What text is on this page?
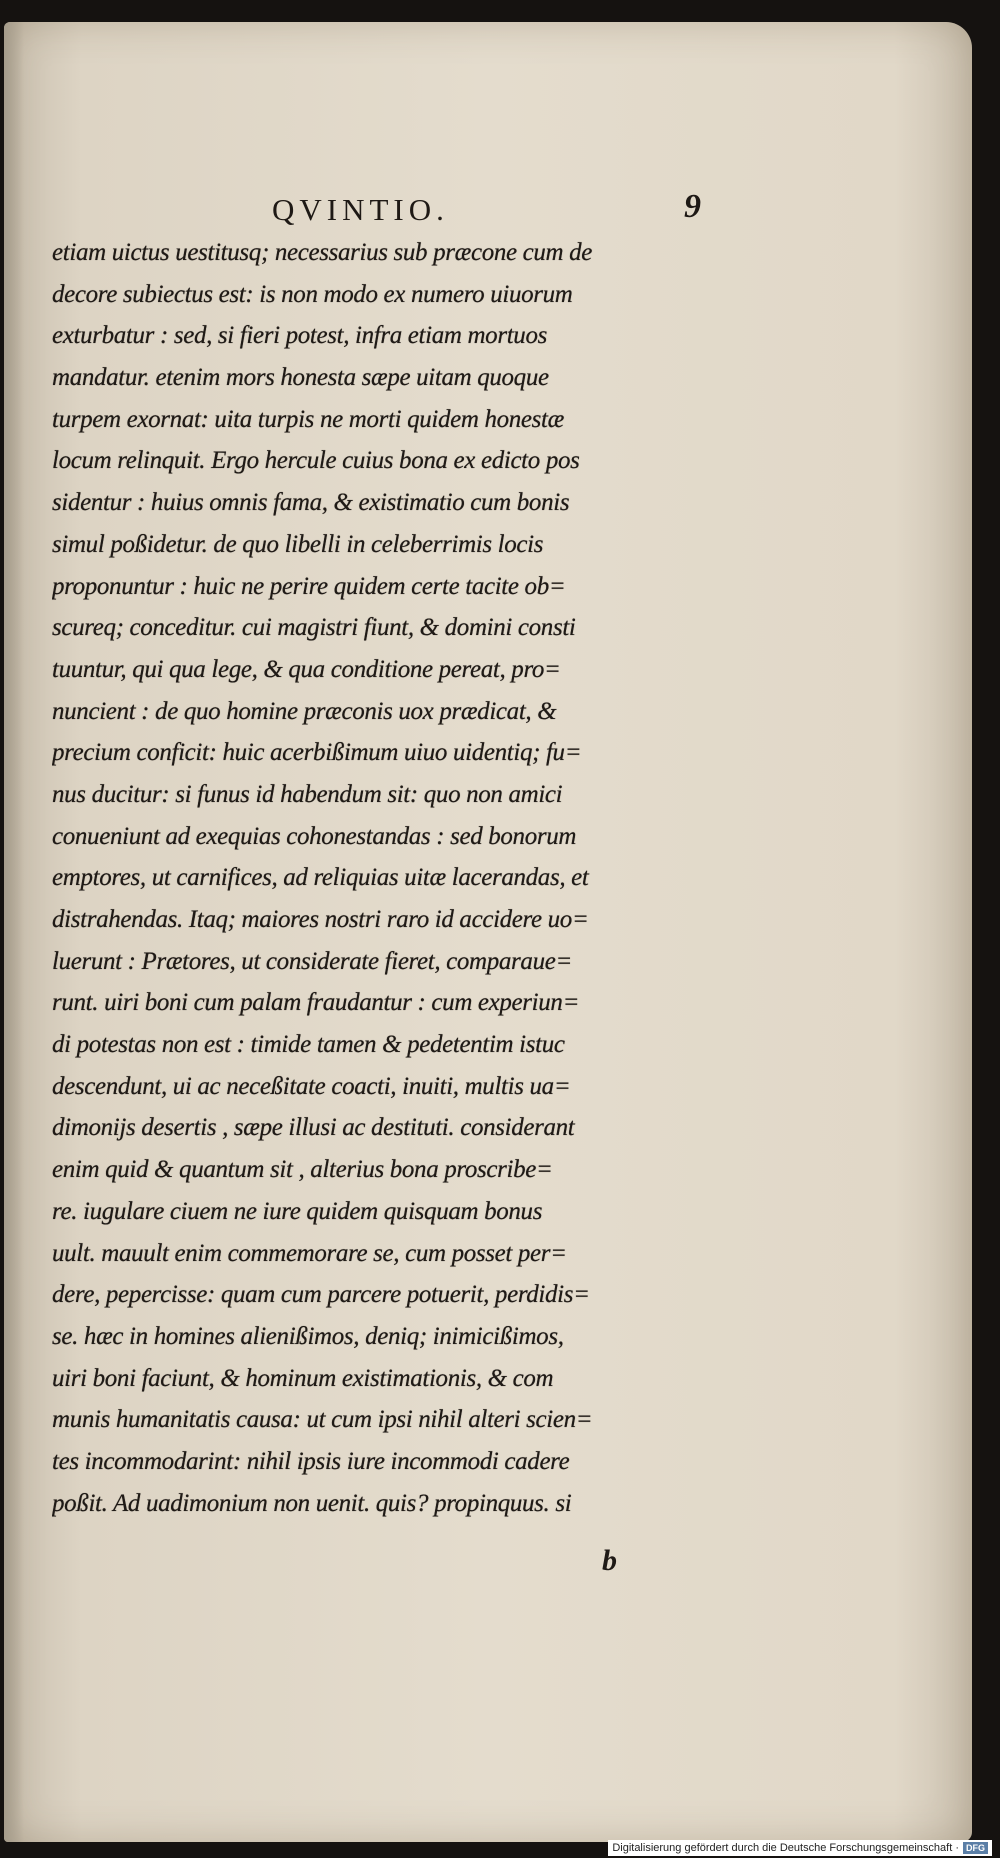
QVINTIO.	9
etiam uictus uestitusq; necessarius sub præcone cum de
decore subiectus est: is non modo ex numero uiuorum
exturbatur : sed, si fieri potest, infra etiam mortuos
mandatur. etenim mors honesta sæpe uitam quoque
turpem exornat: uita turpis ne morti quidem honestæ
locum relinquit. Ergo hercule cuius bona ex edicto pos
sidentur : huius omnis fama, & existimatio cum bonis
simul poßidetur. de quo libelli in celeberrimis locis
proponuntur : huic ne perire quidem certe tacite ob=
scureq; conceditur. cui magistri fiunt, & domini consti
tuuntur, qui qua lege, & qua conditione pereat, pro=
nuncient : de quo homine præconis uox prædicat, &
precium conficit: huic acerbißimum uiuo uidentiq; fu=
nus ducitur: si funus id habendum sit: quo non amici
conueniunt ad exequias cohonestandas : sed bonorum
emptores, ut carnifices, ad reliquias uitæ lacerandas, et
distrahendas. Itaq; maiores nostri raro id accidere uo=
luerunt : Prætores, ut considerate fieret, comparaue=
runt. uiri boni cum palam fraudantur : cum experiun=
di potestas non est : timide tamen & pedetentim istuc
descendunt, ui ac neceßitate coacti, inuiti, multis ua=
dimonijs desertis , sæpe illusi ac destituti. considerant
enim quid & quantum sit , alterius bona proscribe=
re. iugulare ciuem ne iure quidem quisquam bonus
uult. mauult enim commemorare se, cum posset per=
dere, pepercisse: quam cum parcere potuerit, perdidis=
se. hæc in homines alienißimos, deniq; inimicißimos,
uiri boni faciunt, & hominum existimationis, & com
munis humanitatis causa: ut cum ipsi nihil alteri scien=
tes incommodarint: nihil ipsis iure incommodi cadere
poßit. Ad uadimonium non uenit. quis? propinquus. si
b
Digitalisierung gefördert durch die Deutsche Forschungsgemeinschaft · DFG
